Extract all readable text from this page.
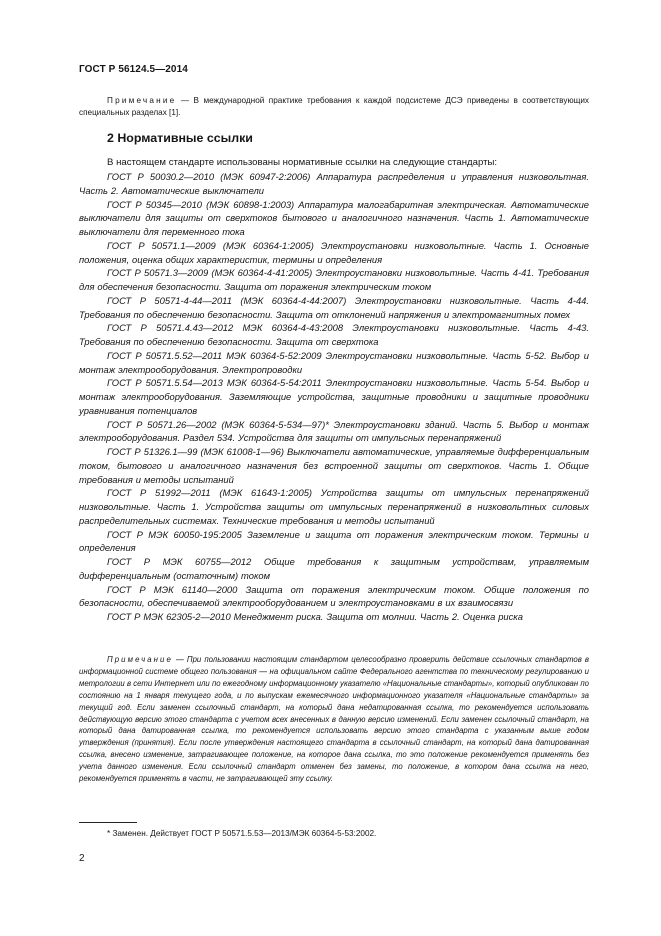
ГОСТ Р 56124.5—2014
Примечание — В международной практике требования к каждой подсистеме ДСЭ приведены в соответствующих специальных разделах [1].
2 Нормативные ссылки
В настоящем стандарте использованы нормативные ссылки на следующие стандарты:

ГОСТ Р 50030.2—2010 (МЭК 60947-2:2006) Аппаратура распределения и управления низковольтная. Часть 2. Автоматические выключатели

ГОСТ Р 50345—2010 (МЭК 60898-1:2003) Аппаратура малогабаритная электрическая. Автоматические выключатели для защиты от сверхтоков бытового и аналогичного назначения. Часть 1. Автоматические выключатели для переменного тока

ГОСТ Р 50571.1—2009 (МЭК 60364-1:2005) Электроустановки низковольтные. Часть 1. Основные положения, оценка общих характеристик, термины и определения

ГОСТ Р 50571.3—2009 (МЭК 60364-4-41:2005) Электроустановки низковольтные. Часть 4-41. Требования для обеспечения безопасности. Защита от поражения электрическим током

ГОСТ Р 50571-4-44—2011 (МЭК 60364-4-44:2007) Электроустановки низковольтные. Часть 4-44. Требования по обеспечению безопасности. Защита от отклонений напряжения и электромагнитных помех

ГОСТ Р 50571.4.43—2012 МЭК 60364-4-43:2008 Электроустановки низковольтные. Часть 4-43. Требования по обеспечению безопасности. Защита от сверхтока

ГОСТ Р 50571.5.52—2011 МЭК 60364-5-52:2009 Электроустановки низковольтные. Часть 5-52. Выбор и монтаж электрооборудования. Электропроводки

ГОСТ Р 50571.5.54—2013 МЭК 60364-5-54:2011 Электроустановки низковольтные. Часть 5-54. Выбор и монтаж электрооборудования. Заземляющие устройства, защитные проводники и защитные проводники уравнивания потенциалов

ГОСТ Р 50571.26—2002 (МЭК 60364-5-534—97)* Электроустановки зданий. Часть 5. Выбор и монтаж электрооборудования. Раздел 534. Устройства для защиты от импульсных перенапряжений

ГОСТ Р 51326.1—99 (МЭК 61008-1—96) Выключатели автоматические, управляемые дифференциальным током, бытового и аналогичного назначения без встроенной защиты от сверхтоков. Часть 1. Общие требования и методы испытаний

ГОСТ Р 51992—2011 (МЭК 61643-1:2005) Устройства защиты от импульсных перенапряжений низковольтные. Часть 1. Устройства защиты от импульсных перенапряжений в низковольтных силовых распределительных системах. Технические требования и методы испытаний

ГОСТ Р МЭК 60050-195:2005 Заземление и защита от поражения электрическим током. Термины и определения

ГОСТ Р МЭК 60755—2012 Общие требования к защитным устройствам, управляемым дифференциальным (остаточным) током

ГОСТ Р МЭК 61140—2000 Защита от поражения электрическим током. Общие положения по безопасности, обеспечиваемой электрооборудованием и электроустановками в их взаимосвязи

ГОСТ Р МЭК 62305-2—2010 Менеджмент риска. Защита от молнии. Часть 2. Оценка риска

Примечание — При пользовании настоящим стандартом целесообразно проверить действие ссылочных стандартов в информационной системе общего пользования — на официальном сайте Федерального агентства по техническому регулированию и метрологии в сети Интернет или по ежегодному информационному указателю «Национальные стандарты», который опубликован по состоянию на 1 января текущего года, и по выпускам ежемесячного информационного указателя «Национальные стандарты» за текущий год. Если заменен ссылочный стандарт, на который дана недатированная ссылка, то рекомендуется использовать действующую версию этого стандарта с учетом всех внесенных в данную версию изменений. Если заменен ссылочный стандарт, на который дана датированная ссылка, то рекомендуется использовать версию этого стандарта с указанным выше годом утверждения (принятия). Если после утверждения настоящего стандарта в ссылочный стандарт, на который дана датированная ссылка, внесено изменение, затрагивающее положение, на которое дана ссылка, то это положение рекомендуется применять без учета данного изменения. Если ссылочный стандарт отменен без замены, то положение, в котором дана ссылка на него, рекомендуется применять в части, не затрагивающей эту ссылку.
* Заменен. Действует ГОСТ Р 50571.5.53—2013/МЭК 60364-5-53:2002.
2
